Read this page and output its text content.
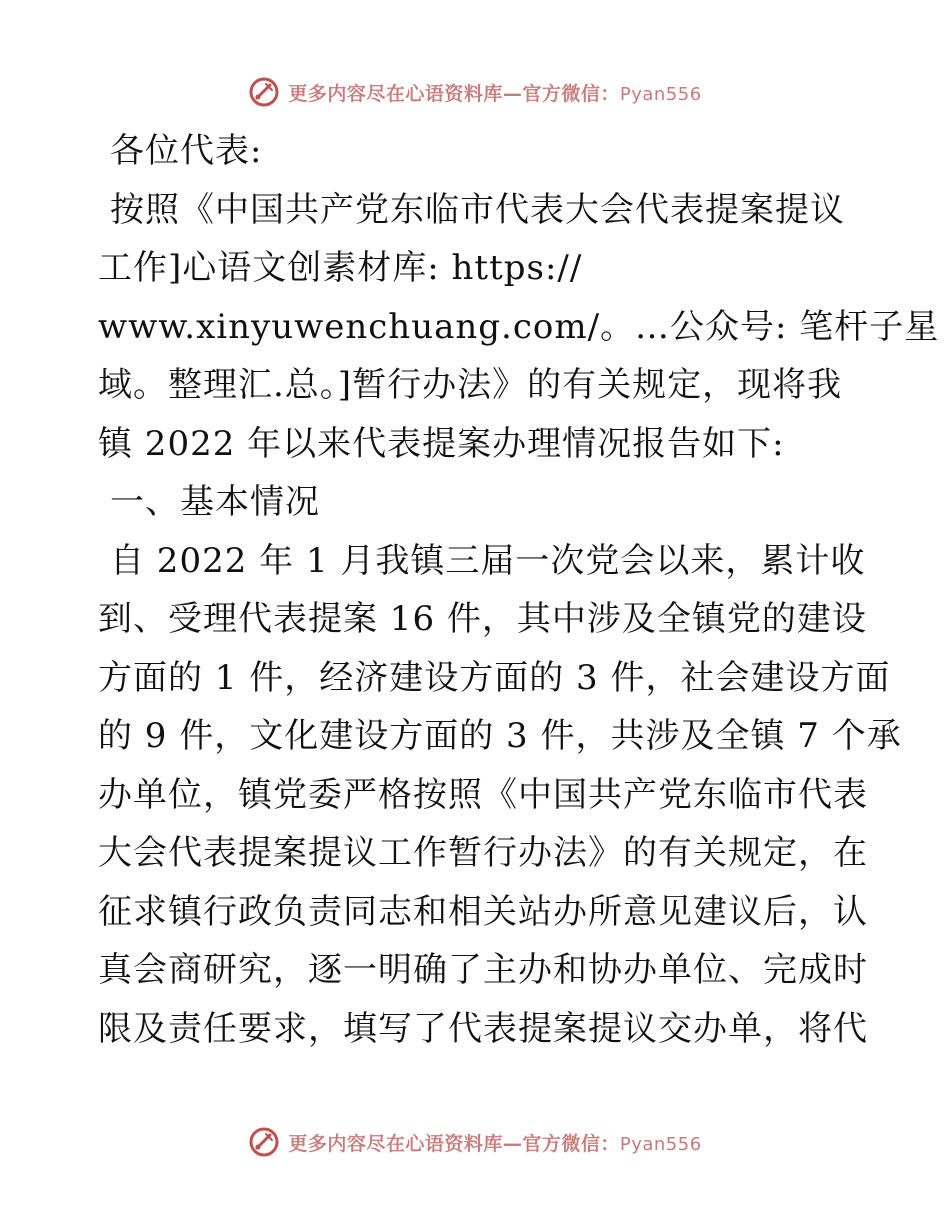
更多内容尽在心语资料库—官方微信：Pyan556
各位代表:
按照《中国共产党东临市代表大会代表提案提议
工作]心语文创素材库: https://
www.xinyuwenchuang.com/。…公众号: 笔杆子星
域。整理汇.总。]暂行办法》的有关规定，现将我
镇 2022 年以来代表提案办理情况报告如下:
一、基本情况
自 2022 年 1 月我镇三届一次党会以来，累计收
到、受理代表提案 16 件，其中涉及全镇党的建设
方面的 1 件，经济建设方面的 3 件，社会建设方面
的 9 件，文化建设方面的 3 件，共涉及全镇 7 个承
办单位，镇党委严格按照《中国共产党东临市代表
大会代表提案提议工作暂行办法》的有关规定，在
征求镇行政负责同志和相关站办所意见建议后，认
真会商研究，逐一明确了主办和协办单位、完成时
限及责任要求，填写了代表提案提议交办单，将代
更多内容尽在心语资料库—官方微信：Pyan556
